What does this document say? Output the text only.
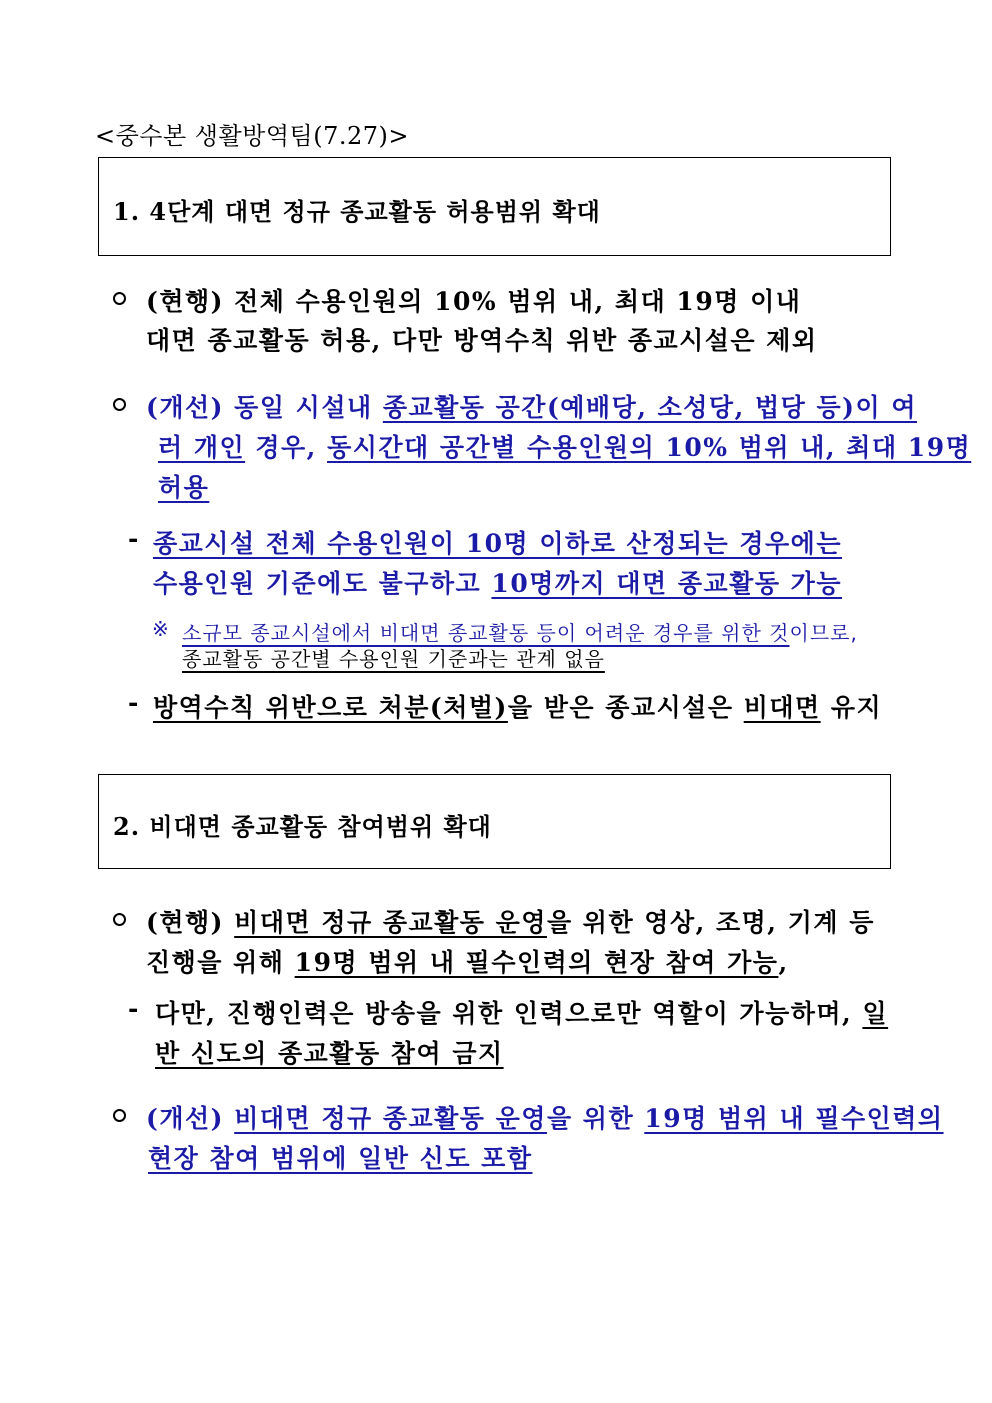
<중수본 생활방역팀(7.27)>
1. 4단계 대면 정규 종교활동 허용범위 확대
(현행) 전체 수용인원의 10% 범위 내, 최대 19명 이내
대면 종교활동 허용, 다만 방역수칙 위반 종교시설은 제외
(개선) 동일 시설내 종교활동 공간(예배당, 소성당, 법당 등)이 여
러 개인 경우, 동시간대 공간별 수용인원의 10% 범위 내, 최대 19명
허용
- 종교시설 전체 수용인원이 10명 이하로 산정되는 경우에는
수용인원 기준에도 불구하고 10명까지 대면 종교활동 가능
※ 소규모 종교시설에서 비대면 종교활동 등이 어려운 경우를 위한 것이므로,
종교활동 공간별 수용인원 기준과는 관계 없음
- 방역수칙 위반으로 처분(처벌)을 받은 종교시설은 비대면 유지
2. 비대면 종교활동 참여범위 확대
(현행) 비대면 정규 종교활동 운영을 위한 영상, 조명, 기계 등
진행을 위해 19명 범위 내 필수인력의 현장 참여 가능,
- 다만, 진행인력은 방송을 위한 인력으로만 역할이 가능하며, 일
반 신도의 종교활동 참여 금지
(개선) 비대면 정규 종교활동 운영을 위한 19명 범위 내 필수인력의
현장 참여 범위에 일반 신도 포함
